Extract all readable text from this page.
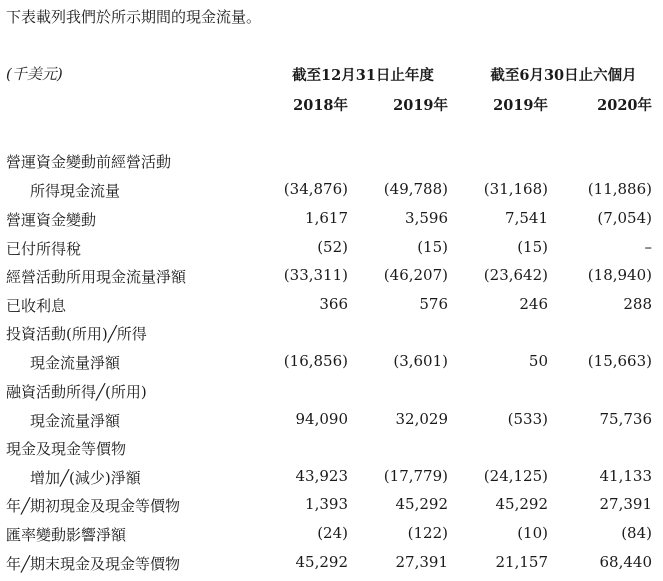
下表載列我們於所示期間的現金流量。
(千美元)	截至12月31日止年度	截至6月30日止六個月
2018年	2019年	2019年	2020年
營運資金變動前經營活動
所得現金流量	(34,876)	(49,788)	(31,168)	(11,886)
營運資金變動	1,617	3,596	7,541	(7,054)
已付所得稅	(52)	(15)	(15)	–
經營活動所用現金流量淨額	(33,311)	(46,207)	(23,642)	(18,940)
已收利息	366	576	246	288
投資活動(所用)╱所得
現金流量淨額	(16,856)	(3,601)	50	(15,663)
融資活動所得╱(所用)
現金流量淨額	94,090	32,029	(533)	75,736
現金及現金等價物
增加╱(減少)淨額	43,923	(17,779)	(24,125)	41,133
年╱期初現金及現金等價物	1,393	45,292	45,292	27,391
匯率變動影響淨額	(24)	(122)	(10)	(84)
年╱期末現金及現金等價物	45,292	27,391	21,157	68,440
